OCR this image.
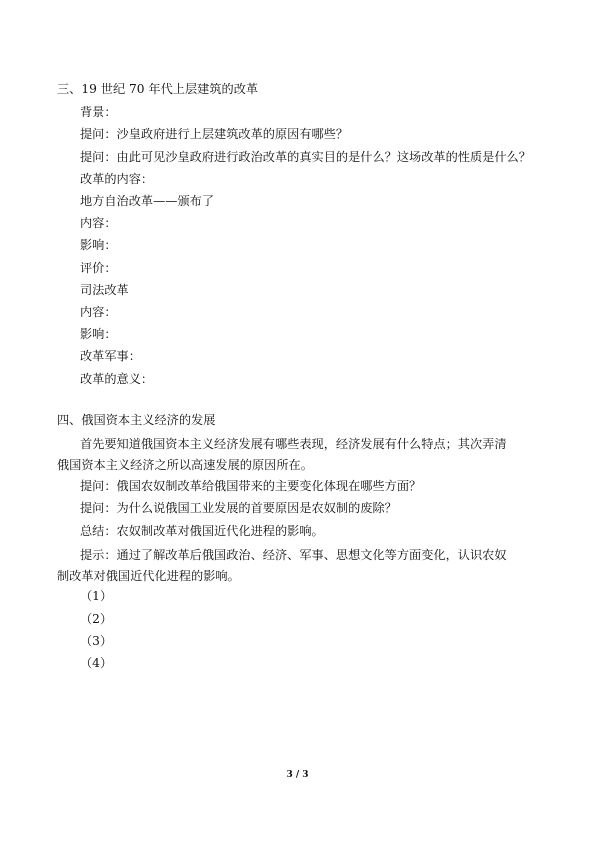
三、19 世纪 70 年代上层建筑的改革
背景：
提问：沙皇政府进行上层建筑改革的原因有哪些？
提问：由此可见沙皇政府进行政治改革的真实目的是什么？这场改革的性质是什么？
改革的内容：
地方自治改革——颁布了
内容：
影响：
评价：
司法改革
内容：
影响：
改革军事：
改革的意义：
四、俄国资本主义经济的发展
首先要知道俄国资本主义经济发展有哪些表现，经济发展有什么特点；其次弄清俄国资本主义经济之所以高速发展的原因所在。
提问：俄国农奴制改革给俄国带来的主要变化体现在哪些方面？
提问：为什么说俄国工业发展的首要原因是农奴制的废除？
总结：农奴制改革对俄国近代化进程的影响。
提示：通过了解改革后俄国政治、经济、军事、思想文化等方面变化，认识农奴制改革对俄国近代化进程的影响。
（1）
（2）
（3）
（4）
3 / 3
